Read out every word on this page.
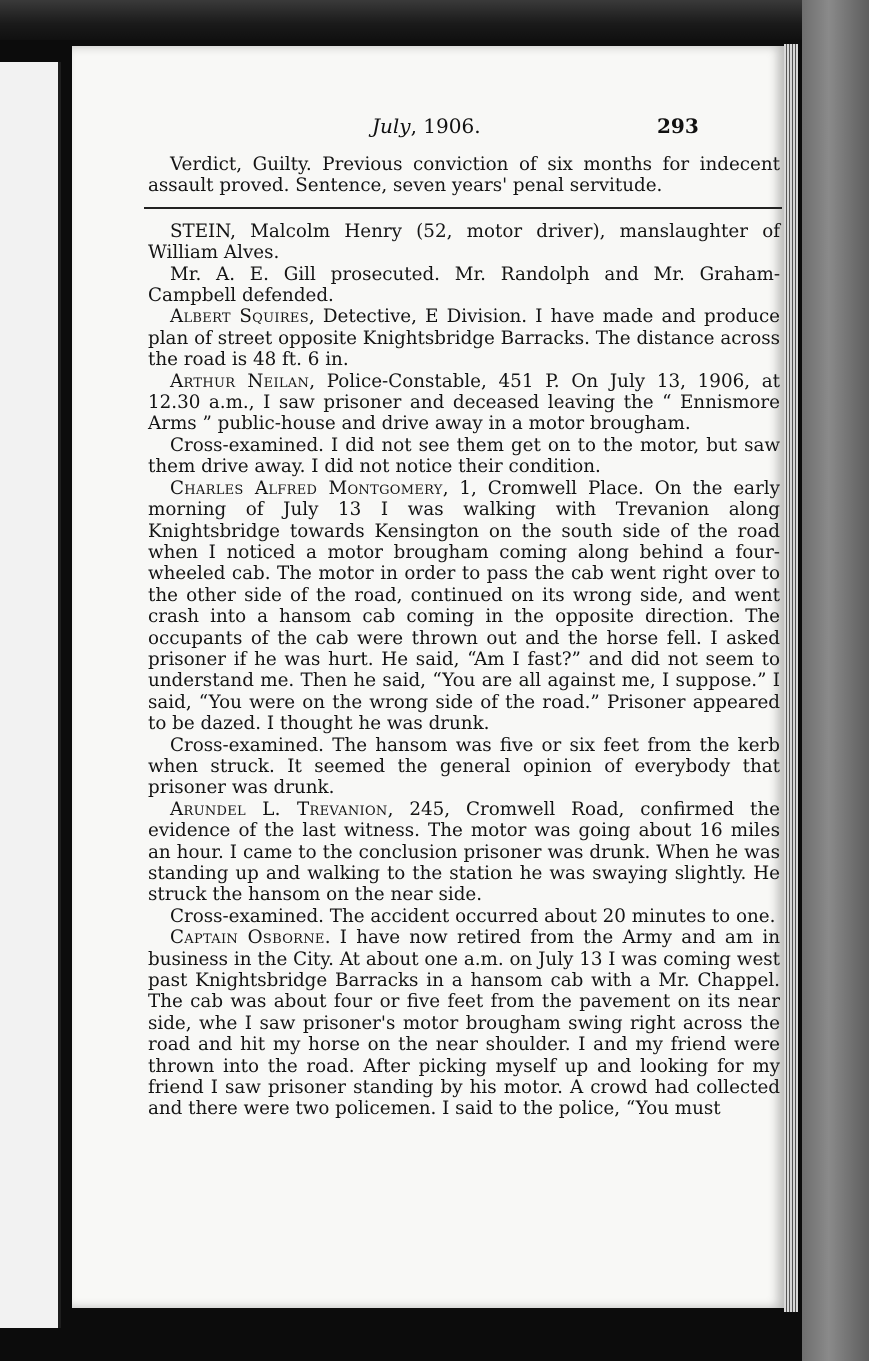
July, 1906.	293

Verdict, Guilty. Previous conviction of six months for indecent assault proved. Sentence, seven years' penal servitude.

STEIN, Malcolm Henry (52, motor driver), manslaughter of William Alves.

Mr. A. E. Gill prosecuted. Mr. Randolph and Mr. Graham-Campbell defended.

Albert Squires, Detective, E Division. I have made and produce plan of street opposite Knightsbridge Barracks. The distance across the road is 48 ft. 6 in.

Arthur Neilan, Police-Constable, 451 P. On July 13, 1906, at 12.30 a.m., I saw prisoner and deceased leaving the “ Ennismore Arms ” public-house and drive away in a motor brougham.

Cross-examined. I did not see them get on to the motor, but saw them drive away. I did not notice their condition.

Charles Alfred Montgomery, 1, Cromwell Place. On the early morning of July 13 I was walking with Trevanion along Knightsbridge towards Kensington on the south side of the road when I noticed a motor brougham coming along behind a four-wheeled cab. The motor in order to pass the cab went right over to the other side of the road, continued on its wrong side, and went crash into a hansom cab coming in the opposite direction. The occupants of the cab were thrown out and the horse fell. I asked prisoner if he was hurt. He said, “Am I fast?” and did not seem to understand me. Then he said, “You are all against me, I suppose.” I said, “You were on the wrong side of the road.” Prisoner appeared to be dazed. I thought he was drunk.

Cross-examined. The hansom was five or six feet from the kerb when struck. It seemed the general opinion of everybody that prisoner was drunk.

Arundel L. Trevanion, 245, Cromwell Road, confirmed the evidence of the last witness. The motor was going about 16 miles an hour. I came to the conclusion prisoner was drunk. When he was standing up and walking to the station he was swaying slightly. He struck the hansom on the near side.

Cross-examined. The accident occurred about 20 minutes to one.

Captain Osborne. I have now retired from the Army and am in business in the City. At about one a.m. on July 13 I was coming west past Knightsbridge Barracks in a hansom cab with a Mr. Chappel. The cab was about four or five feet from the pavement on its near side, whe I saw prisoner's motor brougham swing right across the road and hit my horse on the near shoulder. I and my friend were thrown into the road. After picking myself up and looking for my friend I saw prisoner standing by his motor. A crowd had collected and there were two policemen. I said to the police, “You must
